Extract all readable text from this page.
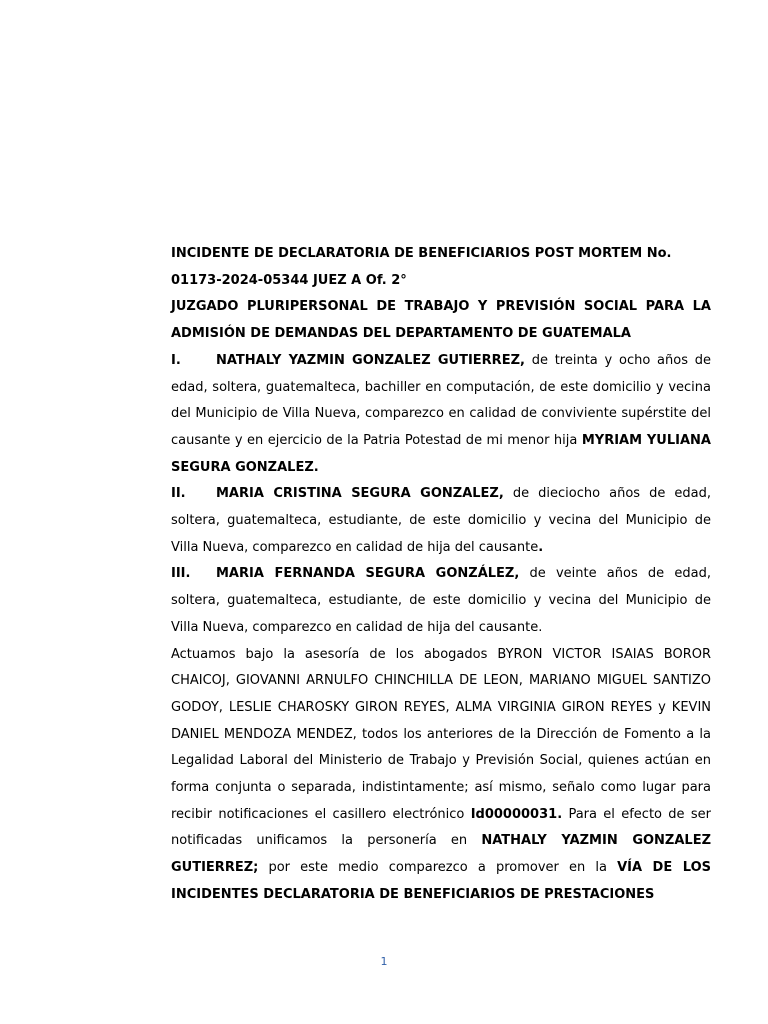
INCIDENTE DE DECLARATORIA DE BENEFICIARIOS POST MORTEM No.

01173-2024-05344 JUEZ A Of. 2°

JUZGADO PLURIPERSONAL DE TRABAJO Y PREVISIÓN SOCIAL PARA LA ADMISIÓN DE DEMANDAS DEL DEPARTAMENTO DE GUATEMALA

I.	NATHALY YAZMIN GONZALEZ GUTIERREZ, de treinta y ocho años de edad, soltera, guatemalteca, bachiller en computación, de este domicilio y vecina del Municipio de Villa Nueva, comparezco en calidad de conviviente supérstite del causante y en ejercicio de la Patria Potestad de mi menor hija MYRIAM YULIANA SEGURA GONZALEZ.

II. MARIA CRISTINA SEGURA GONZALEZ, de dieciocho años de edad, soltera, guatemalteca, estudiante, de este domicilio y vecina del Municipio de Villa Nueva, comparezco en calidad de hija del causante.

III. MARIA FERNANDA SEGURA GONZÁLEZ, de veinte años de edad, soltera, guatemalteca, estudiante, de este domicilio y vecina del Municipio de Villa Nueva, comparezco en calidad de hija del causante.

Actuamos bajo la asesoría de los abogados BYRON VICTOR ISAIAS BOROR CHAICOJ, GIOVANNI ARNULFO CHINCHILLA DE LEON, MARIANO MIGUEL SANTIZO GODOY, LESLIE CHAROSKY GIRON REYES, ALMA VIRGINIA GIRON REYES y KEVIN DANIEL MENDOZA MENDEZ, todos los anteriores de la Dirección de Fomento a la Legalidad Laboral del Ministerio de Trabajo y Previsión Social, quienes actúan en forma conjunta o separada, indistintamente; así mismo, señalo como lugar para recibir notificaciones el casillero electrónico Id00000031. Para el efecto de ser notificadas unificamos la personería en NATHALY YAZMIN GONZALEZ GUTIERREZ; por este medio comparezco a promover en la VÍA DE LOS INCIDENTES DECLARATORIA DE BENEFICIARIOS DE PRESTACIONES

1
